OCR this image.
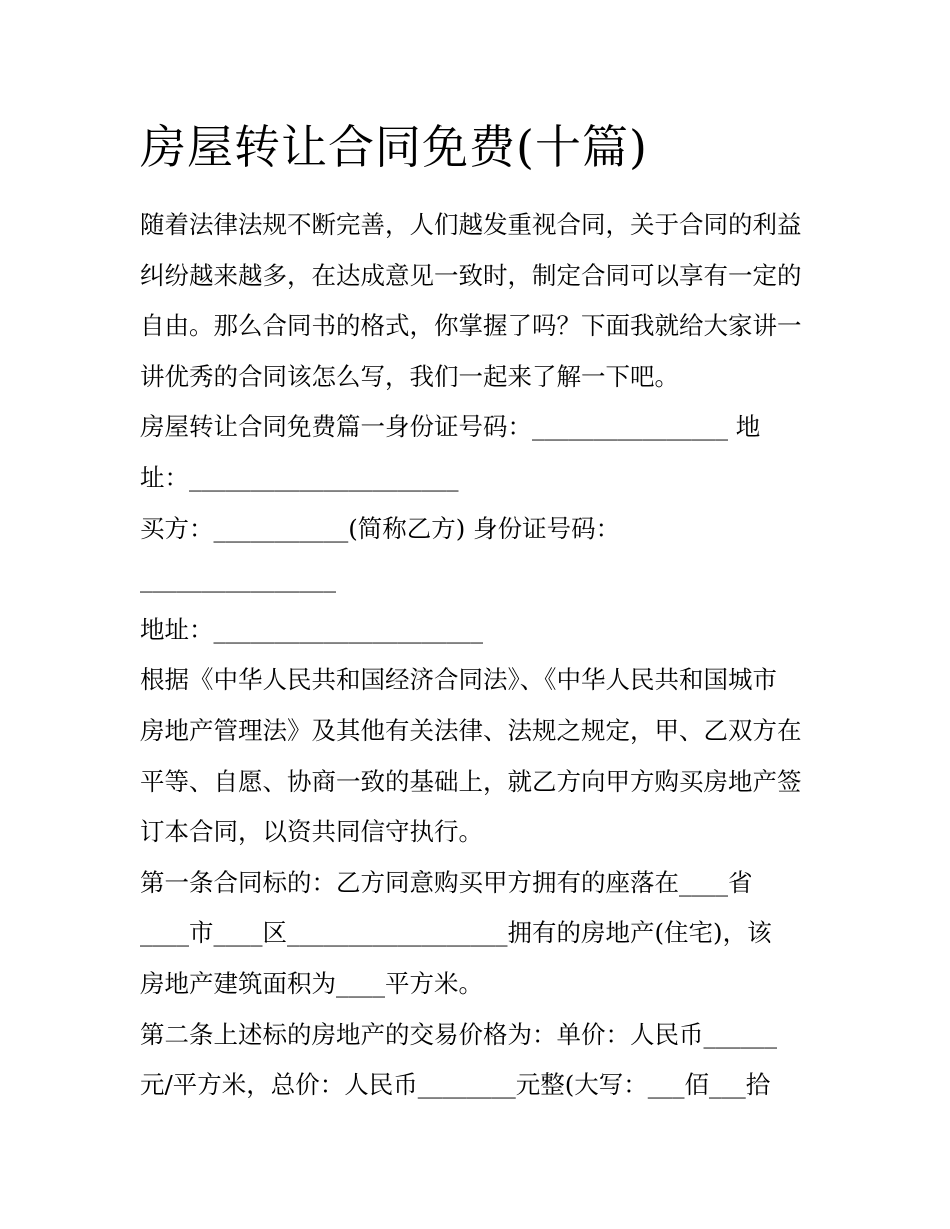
房屋转让合同免费(十篇)
随着法律法规不断完善，人们越发重视合同，关于合同的利益
纠纷越来越多，在达成意见一致时，制定合同可以享有一定的
自由。那么合同书的格式，你掌握了吗？下面我就给大家讲一
讲优秀的合同该怎么写，我们一起来了解一下吧。
房屋转让合同免费篇一身份证号码：________________ 地
址：______________________
买方：___________(简称乙方) 身份证号码：
________________
地址：______________________
根据《中华人民共和国经济合同法》、《中华人民共和国城市
房地产管理法》及其他有关法律、法规之规定，甲、乙双方在
平等、自愿、协商一致的基础上，就乙方向甲方购买房地产签
订本合同，以资共同信守执行。
第一条合同标的：乙方同意购买甲方拥有的座落在____省
____市____区__________________拥有的房地产(住宅)，该
房地产建筑面积为____平方米。
第二条上述标的房地产的交易价格为：单价：人民币______
元/平方米，总价：人民币________元整(大写：___佰___拾
